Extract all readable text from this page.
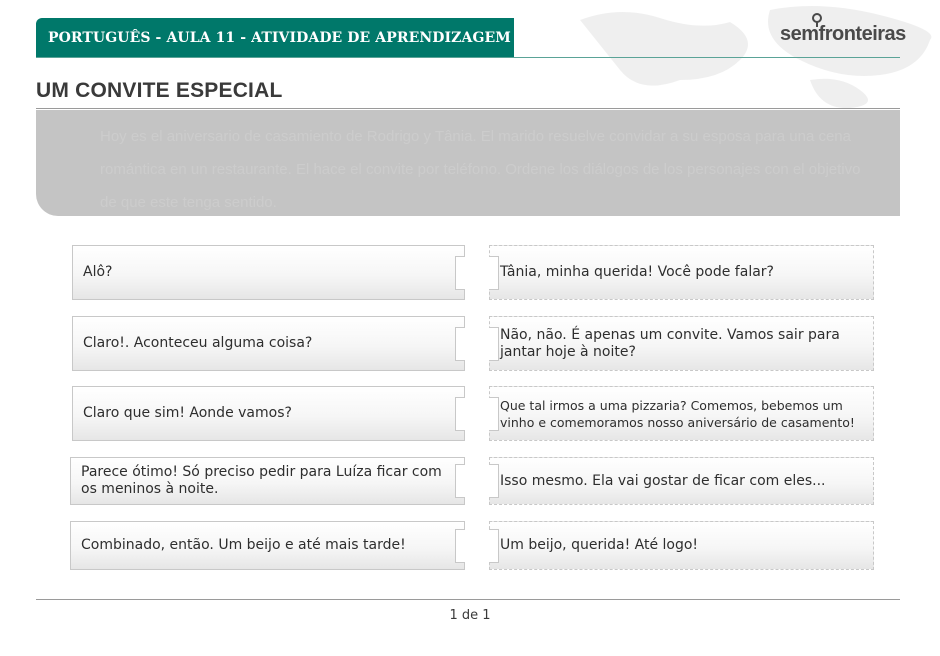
PORTUGUÊS - AULA 11 - ATIVIDADE DE APRENDIZAGEM	semfronteiras
UM CONVITE ESPECIAL
Hoy es el aniversario de casamiento de Rodrigo y Tânia. El marido resuelve convidar a su esposa para una cena romántica en un restaurante. El hace el convite por teléfono. Ordene los diálogos de los personajes con el objetivo de que este tenga sentido.
Alô?
Claro!. Aconteceu alguma coisa?
Claro que sim! Aonde vamos?
Parece ótimo! Só preciso pedir para Luíza ficar com os meninos à noite.
Combinado, então. Um beijo e até mais tarde!
Tânia, minha querida! Você pode falar?
Não, não. É apenas um convite. Vamos sair para jantar hoje à noite?
Que tal irmos a uma pizzaria? Comemos, bebemos um vinho e comemoramos nosso aniversário de casamento!
Isso mesmo. Ela vai gostar de ficar com eles...
Um beijo, querida! Até logo!
1 de 1
